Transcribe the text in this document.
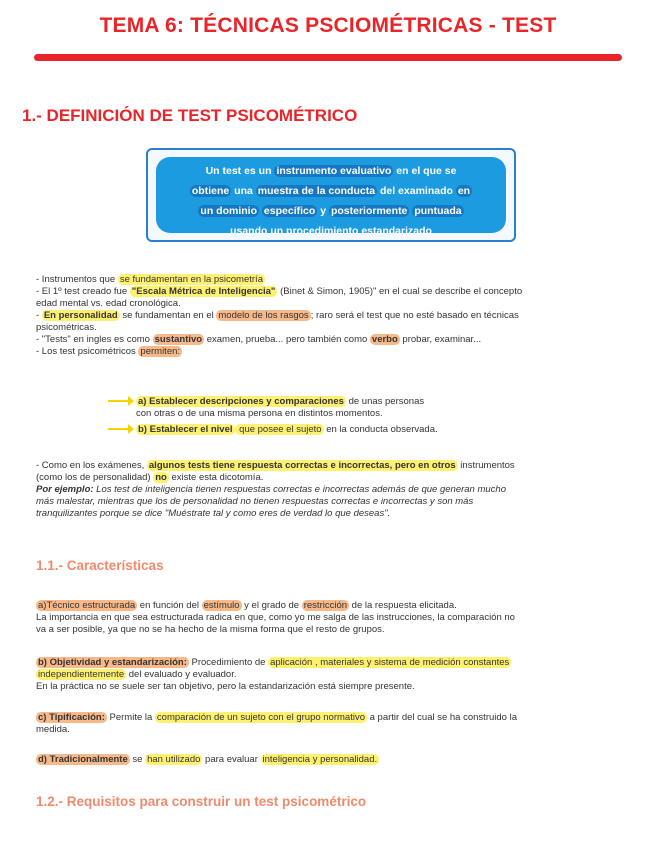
TEMA 6: TÉCNICAS PSCIOMÉTRICAS - TEST
1.- DEFINICIÓN DE TEST PSICOMÉTRICO

Un test es un instrumento evaluativo en el que se

obtiene una muestra de la conducta del examinado en

un dominio específico y posteriormente puntuada

usando un procedimiento estandarizado

- Instrumentos que se fundamentan en la psicometría

- El 1º test creado fue "Escala Métrica de Inteligencia" (Binet & Simon, 1905)" en el cual se describe el concepto

edad mental vs. edad cronológica.

- En personalidad se fundamentan en el modelo de los rasgos ; raro será el test que no esté basado en técnicas

psicométricas.

- "Tests" en ingles es como sustantivo examen, prueba... pero también como verbo probar, examinar...

- Los test psicométricos permiten:

a) Establecer descripciones y comparaciones de unas personas
con otras o de una misma persona en distintos momentos.
b) Establecer el nivel que posee el sujeto en la conducta observada.

- Como en los exámenes, algunos tests tiene respuesta correctas e incorrectas, pero en otros instrumentos

(como los de personalidad) no existe esta dicotomía.

Por ejemplo: Los test de inteligencia tienen respuestas correctas e incorrectas además de que generan mucho

más malestar, mientras que los de personalidad no tienen respuestas correctas e incorrectas y son más

tranquilizantes porque se dice "Muéstrate tal y como eres de verdad lo que deseas".

1.1.- Características

a)Técnico estructurada en función del estímulo y el grado de restricción de la respuesta elicitada.

La importancia en que sea estructurada radica en que, como yo me salga de las instrucciones, la comparación no

va a ser posible, ya que no se ha hecho de la misma forma que el resto de grupos.

b) Objetividad y estandarización: Procedimiento de aplicación , materiales y sistema de medición constantes

independientemente del evaluado y evaluador.

En la práctica no se suele ser tan objetivo, pero la estandarización está siempre presente.

c) Tipificación: Permite la comparación de un sujeto con el grupo normativo a partir del cual se ha construido la

medida.

d) Tradicionalmente se han utilizado para evaluar inteligencia y personalidad.

1.2.- Requisitos para construir un test psicométrico
